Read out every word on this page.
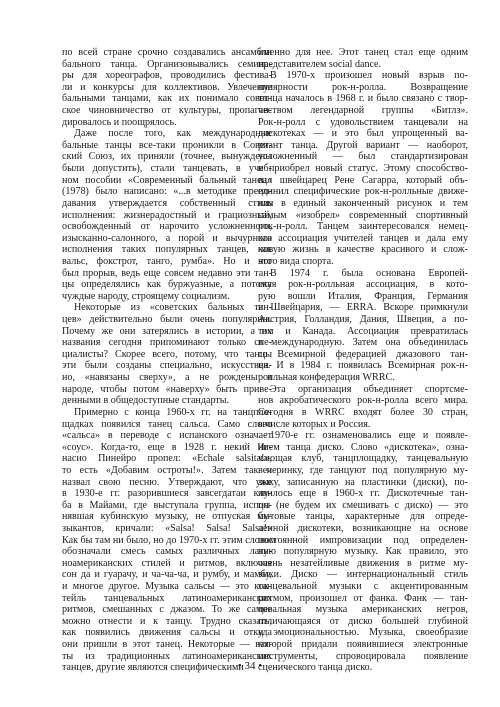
по всей стране срочно создавались ансамбли
бального танца. Организовывались семина-
ры для хореографов, проводились фестива-
ли и конкурсы для коллективов. Увлечение
бальными танцами, как их понимало совет-
ское чиновничество от культуры, пропаган-
дировалось и поощрялось.
Даже после того, как международные
бальные танцы все-таки проникли в Совет-
ский Союз, их приняли (точнее, вынуждены
были допустить), стали танцевать, в учеб-
ном пособии «Современный бальный танец»
(1978) было написано: «...в методике препо-
давания утверждается собственный стиль
исполнения: жизнерадостный и грациозный,
освобожденный от нарочито усложненного,
изысканно-салонного, а порой и вычурного
исполнения таких популярных танцев, как
вальс, фокстрот, танго, румба». Но и это
был прорыв, ведь еще совсем недавно эти тан-
цы определялись как буржуазные, а потому
чуждые народу, строящему социализм.
Некоторые из «советских бальных тан-
цев» действительно были очень популярны.
Почему же они затерялись в истории, а их
названия сегодня припоминают только спе-
циалисты? Скорее всего, потому, что танцы
эти были созданы специально, искусствен-
но, «навязаны сверху», а не рождены в
народе, чтобы потом «наверху» быть приве-
денными в общедоступные стандарты.
Примерно с конца 1960-х гг. на танцпло-
щадках появился танец сальса. Само слово
«сальса» в переводе с испанского означает
«соус». Когда-то, еще в 1928 г. некий Иг-
насио Пинейро пропел: «Echale salsita!»,
то есть «Добавим остроты!». Затем так и
назвал свою песню. Утверждают, что уже
в 1930-е гг. разорившиеся завсегдатаи клу-
ба в Майами, где выступала группа, испол-
нявшая кубинскую музыку, не отпуская му-
зыкантов, кричали: «Salsa! Salsa! Salsa!»
Как бы там ни было, но до 1970-х гг. этим словом
обозначали смесь самых различных лати-
ноамериканских стилей и ритмов, включая
сон да и гуарачу, и ча-ча-ча, и румбу, и мамбу,
и многое другое. Музыка сальсы — это кок-
тейль танцевальных латиноамериканских
ритмов, смешанных с джазом. То же самое
можно отнести и к танцу. Трудно сказать,
как появились движения сальсы и откуда
они пришли в этот танец. Некоторые — взя-
ты из традиционных латиноамериканских
танцев, другие являются специфическими
именно для нее. Этот танец стал еще одним
представителем social dance.
В 1970-х произошел новый взрыв по-
пулярности рок-н-ролла. Возвращение
танца началось в 1968 г. и было связано с твор-
чеством легендарной группы «Битлз».
Рок-н-ролл с удовольствием танцевали на
дискотеках — и это был упрощенный ва-
риант танца. Другой вариант — наоборот,
усложненный — был стандартизирован
и приобрел новый статус. Этому способство-
вал швейцарец Рене Сагарра, который объ-
единил специфические рок-н-ролльные движе-
ния в единый законченный рисунок и тем
самым «изобрел» современный спортивный
рок-н-ролл. Танцем заинтересовался немец-
кая ассоциация учителей танцев и дала ему
новую жизнь в качестве красивого и слож-
ного вида спорта.
В 1974 г. была основана Европей-
ская рок-н-ролльная ассоциация, в кото-
рую вошли Италия, Франция, Германия
и Швейцария, — ERRA. Вскоре примкнули
Австрия, Голландия, Дания, Швеция, а по-
том и Канада. Ассоциация превратилась
в международную. Затем она объединилась
со Всемирной федерацией джазового тан-
ца. И в 1984 г. появилась Всемирная рок-н-
ролльная конфедерация WRRC.
Эта организация объединяет спортсме-
нов акробатического рок-н-ролла всего мира.
Сегодня в WRRC входят более 30 стран,
в числе которых и Россия.
1970-е гг. ознаменовались еще и появле-
нием танца диско. Слово «дискотека», озна-
чающая клуб, танцплощадку, танцевальную
вечеринку, где танцуют под популярную му-
зыку, записанную на пластинки (диски), по-
явилось еще в 1960-х гг. Дискотечные тан-
цы (не будем их смешивать с диско) — это
бытовые танцы, характерные для опреде-
ленной дискотеки, возникающие на основе
постоянной импровизации под определен-
ную популярную музыку. Как правило, это
очень незатейливые движения в ритме му-
зыки. Диско — интернациональный стиль
танцевальной музыки с акцентированным
ритмом, произошел от фанка. Фанк — тан-
цевальная музыка американских негров,
отличающаяся от диско большей глубиной
и эмоциональностью. Музыка, своеобразие
которой придали появившиеся электронные
инструменты, спровоцировала появление
сценического танца диско.
• 34 •
